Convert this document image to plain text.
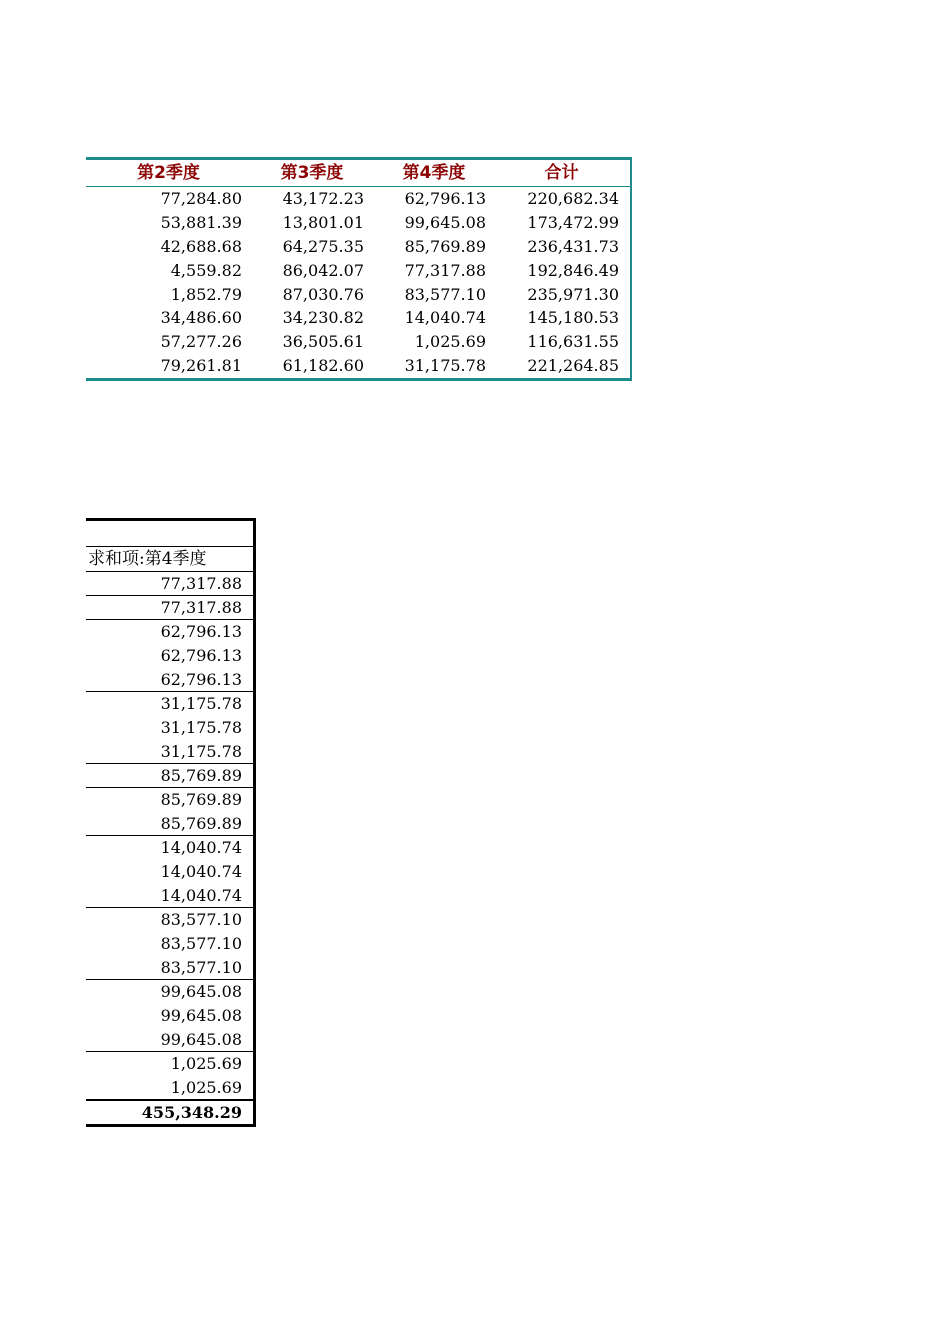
第2季度	第3季度	第4季度	合计
77,284.80	43,172.23	62,796.13	220,682.34
53,881.39	13,801.01	99,645.08	173,472.99
42,688.68	64,275.35	85,769.89	236,431.73
4,559.82	86,042.07	77,317.88	192,846.49
1,852.79	87,030.76	83,577.10	235,971.30
34,486.60	34,230.82	14,040.74	145,180.53
57,277.26	36,505.61	1,025.69	116,631.55
79,261.81	61,182.60	31,175.78	221,264.85
求和项:第4季度
77,317.88
77,317.88
62,796.13
62,796.13
62,796.13
31,175.78
31,175.78
31,175.78
85,769.89
85,769.89
85,769.89
14,040.74
14,040.74
14,040.74
83,577.10
83,577.10
83,577.10
99,645.08
99,645.08
99,645.08
1,025.69
1,025.69
455,348.29
